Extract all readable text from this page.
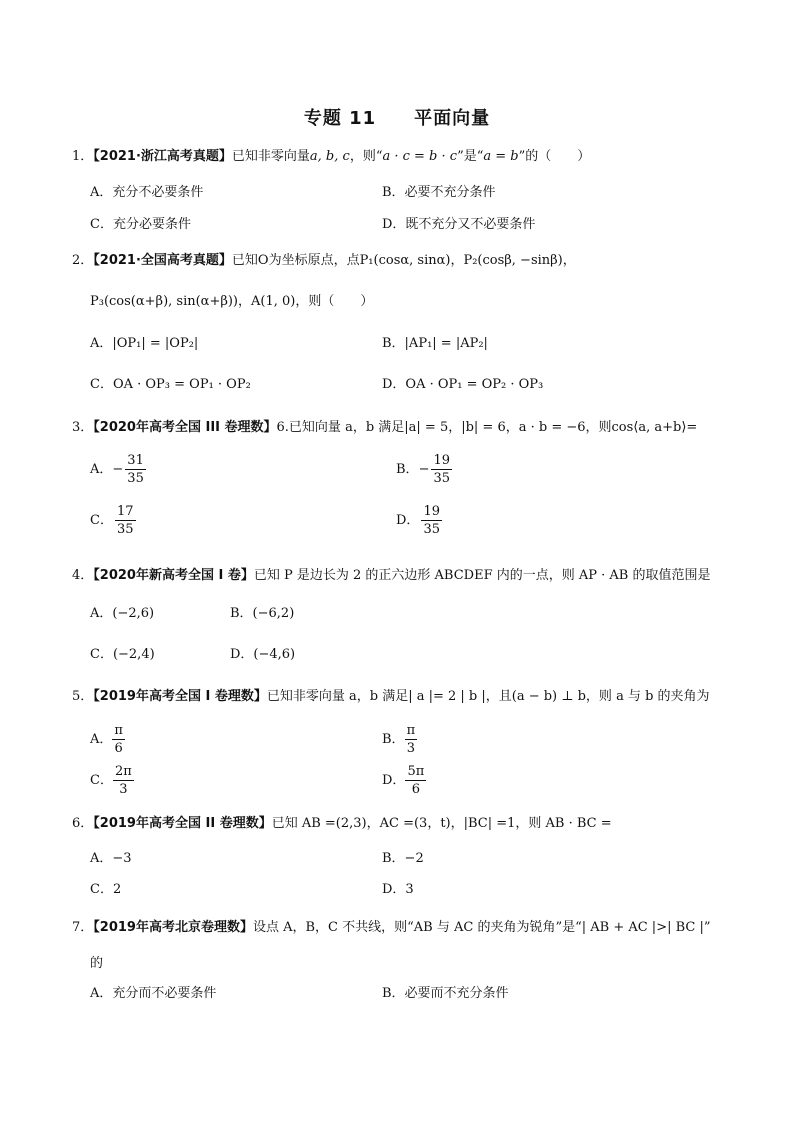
专题 11 平面向量
1．【2021·浙江高考真题】已知非零向量a, b, c，则“a · c = b · c”是“a = b”的（　　）
A．充分不必要条件	B．必要不充分条件
C．充分必要条件	D．既不充分又不必要条件
2．【2021·全国高考真题】已知O为坐标原点，点P₁(cosα, sinα)，P₂(cosβ, −sinβ)，
P₃(cos(α+β), sin(α+β))，A(1, 0)，则（　　）
A．|OP₁| = |OP₂|	B．|AP₁| = |AP₂|
C．OA · OP₃ = OP₁ · OP₂	D．OA · OP₁ = OP₂ · OP₃
3．【2020年高考全国 III 卷理数】6.已知向量 a，b 满足|a| = 5，|b| = 6，a · b = −6，则cos⟨a, a+b⟩=
A．− $\frac{31}{35}$	B．− $\frac{19}{35}$
C． $\frac{17}{35}$	D． $\frac{19}{35}$
4．【2020年新高考全国 I 卷】已知 P 是边长为 2 的正六边形 ABCDEF 内的一点，则 AP · AB 的取值范围是
A．(−2,6)	B．(−6,2)
C．(−2,4)	D．(−4,6)
5．【2019年高考全国 I 卷理数】已知非零向量 a，b 满足| a |= 2 | b |，且(a − b) ⊥ b，则 a 与 b 的夹角为
A． $\frac{\pi}{6}$	B． $\frac{\pi}{3}$
C． $\frac{2\pi}{3}$	D． $\frac{5\pi}{6}$
6．【2019年高考全国 II 卷理数】已知 AB =(2,3)，AC =(3，t)，|BC| =1，则 AB · BC =
A．−3	B．−2
C．2	D．3
7．【2019年高考北京卷理数】设点 A，B，C 不共线，则“AB 与 AC 的夹角为锐角”是“| AB + AC |>| BC |”
的
A．充分而不必要条件	B．必要而不充分条件
